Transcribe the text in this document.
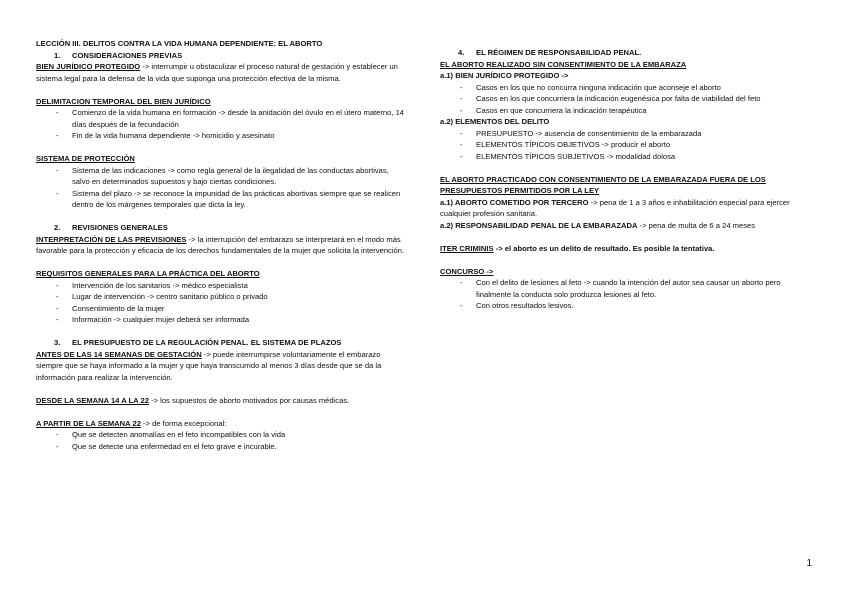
LECCIÓN III. DELITOS CONTRA LA VIDA HUMANA DEPENDIENTE: EL ABORTO

1. CONSIDERACIONES PREVIAS

BIEN JURÍDICO PROTEGIDO -> interrumpir u obstaculizar el proceso natural de gestación y establecer un sistema legal para la defensa de la vida que suponga una protección efectiva de la misma.

DELIMITACION TEMPORAL DEL BIEN JURÍDICO

- Comienzo de la vida humana en formación -> desde la anidación del óvulo en el útero materno, 14 días después de la fecundación
- Fin de la vida humana dependiente -> homicidio y asesinato

SISTEMA DE PROTECCIÓN

- Sistema de las indicaciones -> como regla general de la ilegalidad de las conductas abortivas, salvo en determinados supuestos y bajo ciertas condiciones.
- Sistema del plazo -> se reconoce la impunidad de las prácticas abortivas siempre que se realicen dentro de los márgenes temporales que dicta la ley.

2. REVISIONES GENERALES

INTERPRETACIÓN DE LAS PREVISIONES -> la interrupción del embarazo se interpretará en el modo más favorable para la protección y eficacia de los derechos fundamentales de la mujer que solicita la intervención.

REQUISITOS GENERALES PARA LA PRÁCTICA DEL ABORTO

- Intervención de los sanitarios -> médico especialista
- Lugar de intervención -> centro sanitario público o privado
- Consentimiento de la mujer
- Información -> cualquier mujer deberá ser informada

3. EL PRESUPUESTO DE LA REGULACIÓN PENAL. EL SISTEMA DE PLAZOS

ANTES DE LAS 14 SEMANAS DE GESTACIÓN -> puede interrumpirse voluntariamente el embarazo siempre que se haya informado a la mujer y que haya transcurrido al menos 3 días desde que se da la información para realizar la intervención.

DESDE LA SEMANA 14 A LA 22 -> los supuestos de aborto motivados por causas médicas.

A PARTIR DE LA SEMANA 22 -> de forma excepcional:

- Que se detecten anomalías en el feto incompatibles con la vida
- Que se detecte una enfermedad en el feto grave e incurable.

4. EL RÉGIMEN DE RESPONSABILIDAD PENAL.

EL ABORTO REALIZADO SIN CONSENTIMIENTO DE LA EMBARAZA

a.1) BIEN JURÍDICO PROTEGIDO ->

- Casos en los que no concurra ninguna indicación que aconseje el aborto
- Casos en los que concurriera la indicación eugenésica por falta de viabilidad del feto
- Casos en que concurriera la indicación terapéutica

a.2) ELEMENTOS DEL DELITO

- PRESUPUESTO -> ausencia de consentimiento de la embarazada
- ELEMENTOS TÍPICOS OBJETIVOS -> producir el aborto
- ELEMENTOS TÍPICOS SUBJETIVOS -> modalidad dolosa

EL ABORTO PRACTICADO CON CONSENTIMIENTO DE LA EMBARAZADA FUERA DE LOS PRESUPUESTOS PERMITIDOS POR LA LEY

a.1) ABORTO COMETIDO POR TERCERO -> pena de 1 a 3 años e inhabilitación especial para ejercer cualquier profesión sanitaria.

a.2) RESPONSABILIDAD PENAL DE LA EMBARAZADA -> pena de multa de 6 a 24 meses

ITER CRIMINIS -> el aborto es un delito de resultado. Es posible la tentativa.

CONCURSO ->

- Con el delito de lesiones al feto -> cuando la intención del autor sea causar un aborto pero finalmente la conducta solo produzca lesiones al feto.
- Con otros resultados lesivos.
1
